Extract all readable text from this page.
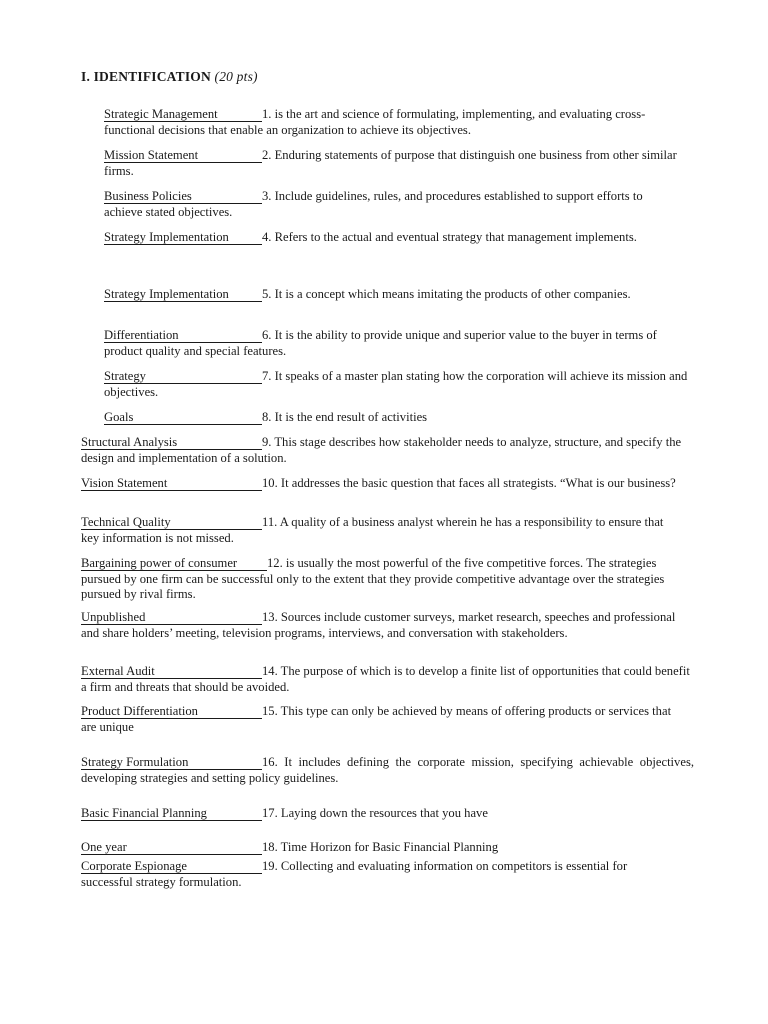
I. IDENTIFICATION (20 pts)
Strategic Management	1. is the art and science of formulating, implementing, and evaluating cross-functional decisions that enable an organization to achieve its objectives.
Mission Statement	2. Enduring statements of purpose that distinguish one business from other similar firms.
Business Policies	3. Include guidelines, rules, and procedures established to support efforts to achieve stated objectives.
Strategy Implementation	4. Refers to the actual and eventual strategy that management implements.
Strategy Implementation	5. It is a concept which means imitating the products of other companies.
Differentiation	6. It is the ability to provide unique and superior value to the buyer in terms of product quality and special features.
Strategy	7. It speaks of a master plan stating how the corporation will achieve its mission and objectives.
Goals	8. It is the end result of activities
Structural Analysis	9. This stage describes how stakeholder needs to analyze, structure, and specify the design and implementation of a solution.
Vision Statement	10. It addresses the basic question that faces all strategists. “What is our business?
Technical Quality	11. A quality of a business analyst wherein he has a responsibility to ensure that key information is not missed.
Bargaining power of consumer 12. is usually the most powerful of the five competitive forces. The strategies pursued by one firm can be successful only to the extent that they provide competitive advantage over the strategies pursued by rival firms.
Unpublished	13. Sources include customer surveys, market research, speeches and professional and share holders’ meeting, television programs, interviews, and conversation with stakeholders.
External Audit	14. The purpose of which is to develop a finite list of opportunities that could benefit a firm and threats that should be avoided.
Product Differentiation	15. This type can only be achieved by means of offering products or services that are unique
Strategy Formulation	16. It includes defining the corporate mission, specifying achievable objectives, developing strategies and setting policy guidelines.
Basic Financial Planning	17. Laying down the resources that you have
One year	18. Time Horizon for Basic Financial Planning
Corporate Espionage	19. Collecting and evaluating information on competitors is essential for successful strategy formulation.
